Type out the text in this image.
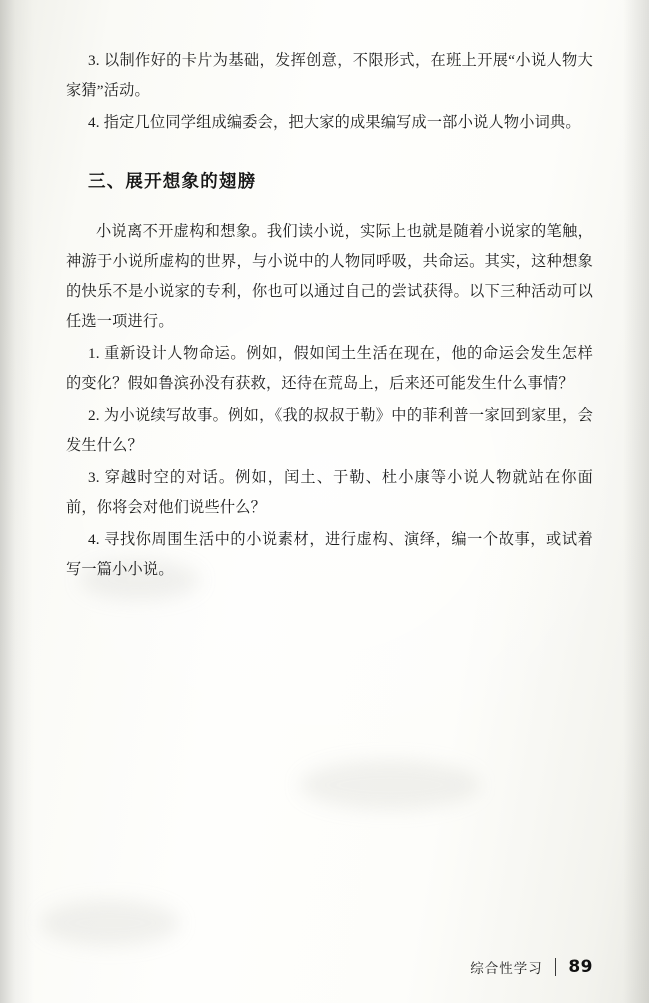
3. 以制作好的卡片为基础，发挥创意，不限形式，在班上开展“小说人物大家猜”活动。

4. 指定几位同学组成编委会，把大家的成果编写成一部小说人物小词典。

三、展开想象的翅膀

小说离不开虚构和想象。我们读小说，实际上也就是随着小说家的笔触，神游于小说所虚构的世界，与小说中的人物同呼吸，共命运。其实，这种想象的快乐不是小说家的专利，你也可以通过自己的尝试获得。以下三种活动可以任选一项进行。

1. 重新设计人物命运。例如，假如闰土生活在现在，他的命运会发生怎样的变化？假如鲁滨孙没有获救，还待在荒岛上，后来还可能发生什么事情？

2. 为小说续写故事。例如，《我的叔叔于勒》中的菲利普一家回到家里，会发生什么？

3. 穿越时空的对话。例如，闰土、于勒、杜小康等小说人物就站在你面前，你将会对他们说些什么？

4. 寻找你周围生活中的小说素材，进行虚构、演绎，编一个故事，或试着写一篇小小说。

综合性学习 89
